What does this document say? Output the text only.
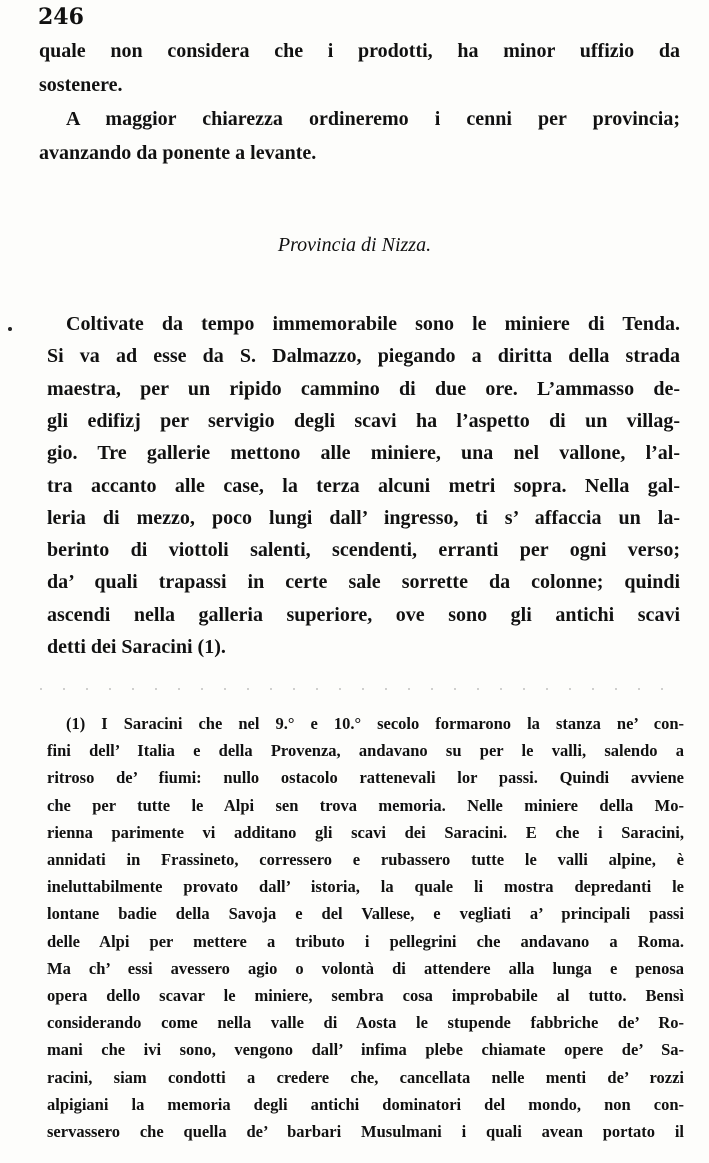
246
quale non considera che i prodotti, ha minor uffizio da
sostenere.
A maggior chiarezza ordineremo i cenni per provincia;
avanzando da ponente a levante.
Provincia di Nizza.
Coltivate da tempo immemorabile sono le miniere di Tenda.
Si va ad esse da S. Dalmazzo, piegando a diritta della strada
maestra, per un ripido cammino di due ore. L’ammasso de-
gli edifizj per servigio degli scavi ha l’aspetto di un villag-
gio. Tre gallerie mettono alle miniere, una nel vallone, l’al-
tra accanto alle case, la terza alcuni metri sopra. Nella gal-
leria di mezzo, poco lungi dall’ ingresso, ti s’ affaccia un la-
berinto di viottoli salenti, scendenti, erranti per ogni verso;
da’ quali trapassi in certe sale sorrette da colonne; quindi
ascendi nella galleria superiore, ove sono gli antichi scavi
detti dei Saracini (1).
(1) I Saracini che nel 9.° e 10.° secolo formarono la stanza ne’ con-
fini dell’ Italia e della Provenza, andavano su per le valli, salendo a
ritroso de’ fiumi: nullo ostacolo rattenevali lor passi. Quindi avviene
che per tutte le Alpi sen trova memoria. Nelle miniere della Mo-
rienna parimente vi additano gli scavi dei Saracini. E che i Saracini,
annidati in Frassineto, corressero e rubassero tutte le valli alpine, è
ineluttabilmente provato dall’ istoria, la quale li mostra depredanti le
lontane badie della Savoja e del Vallese, e vegliati a’ principali passi
delle Alpi per mettere a tributo i pellegrini che andavano a Roma.
Ma ch’ essi avessero agio o volontà di attendere alla lunga e penosa
opera dello scavar le miniere, sembra cosa improbabile al tutto. Bensì
considerando come nella valle di Aosta le stupende fabbriche de’ Ro-
mani che ivi sono, vengono dall’ infima plebe chiamate opere de’ Sa-
racini, siam condotti a credere che, cancellata nelle menti de’ rozzi
alpigiani la memoria degli antichi dominatori del mondo, non con-
servassero che quella de’ barbari Musulmani i quali avean portato il
